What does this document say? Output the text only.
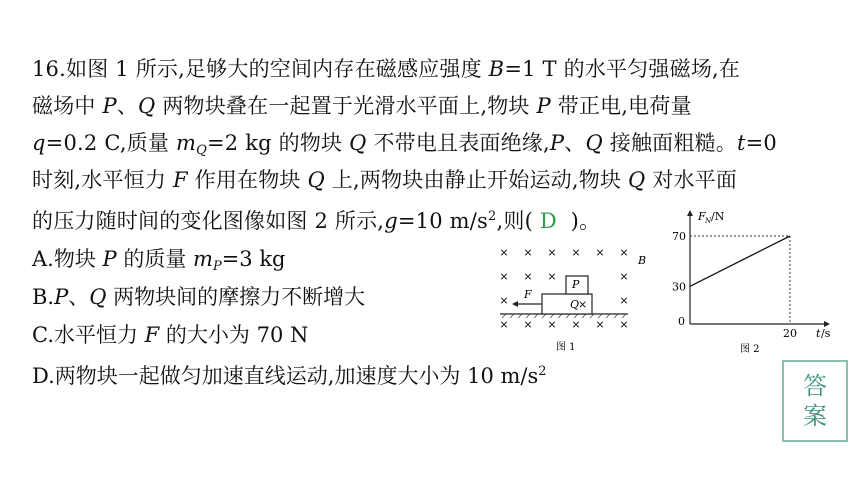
16.如图 1 所示,足够大的空间内存在磁感应强度 B=1 T 的水平匀强磁场,在
磁场中 P、Q 两物块叠在一起置于光滑水平面上,物块 P 带正电,电荷量
q=0.2 C,质量 $m_Q=2$ kg 的物块 Q 不带电且表面绝缘,P、Q 接触面粗糙。t=0
时刻,水平恒力 F 作用在物块 Q 上,两物块由静止开始运动,物块 Q 对水平面
的压力随时间的变化图像如图 2 所示,g=10 $m/s^2$,则( D )。
A.物块 P 的质量 $m_P=3$ kg
B.P、Q 两物块间的摩擦力不断增大
C.水平恒力 F 的大小为 70 N
D.两物块一起做匀加速直线运动,加速度大小为 10 $m/s^2$
× × × × × ×
× × ×	×
×	×
× × × × × ×
B
Q
×
P
F
图 1
F N /N
0
t /s
70
30
20
图 2
答
案
